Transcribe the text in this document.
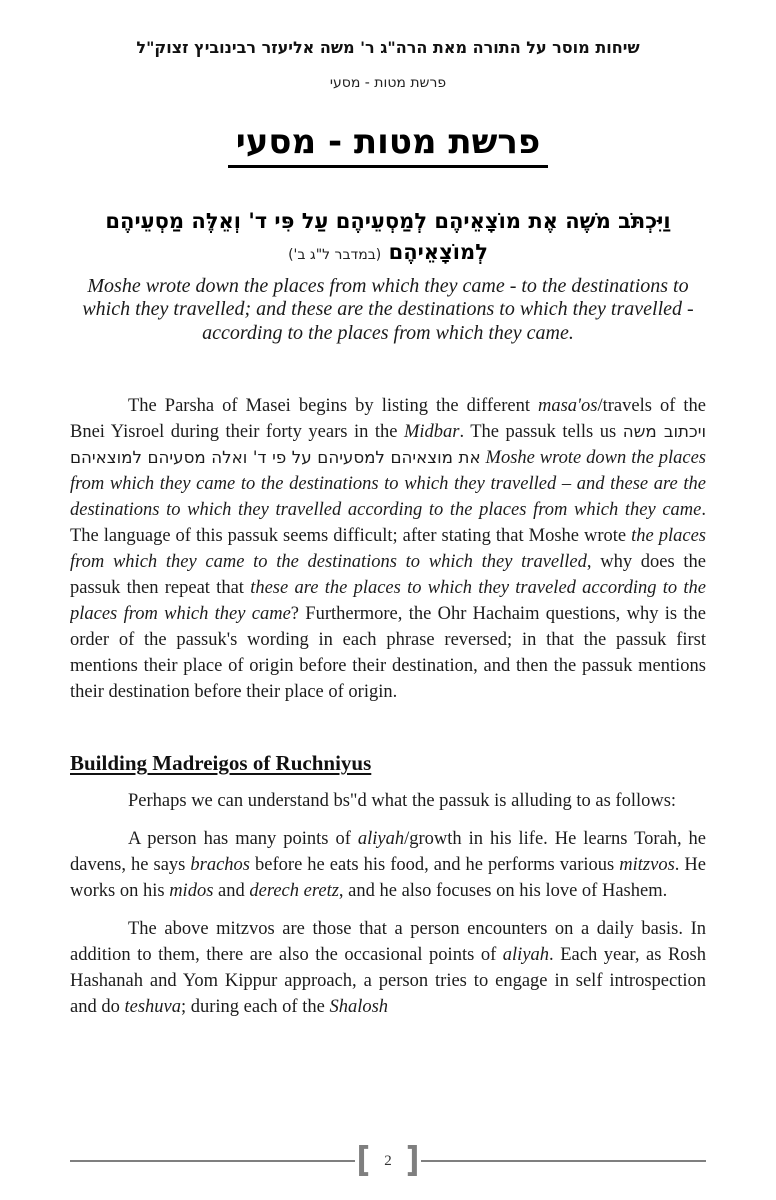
שיחות מוסר על התורה מאת הרה"ג ר' משה אליעזר רבינוביץ זצוק"ל
פרשת מטות - מסעי
פרשת מטות - מסעי
וַיִּכְתֹּב מֹשֶׁה אֶת מוֹצָאֵיהֶם לְמַסְעֵיהֶם עַל פִּי ד' וְאֵלֶּה מַסְעֵיהֶם
לְמוֹצָאֵיהֶם (במדבר ל"ג ב')
Moshe wrote down the places from which they came - to the destinations to which they travelled; and these are the destinations to which they travelled - according to the places from which they came.

The Parsha of Masei begins by listing the different masa'os/travels of the Bnei Yisroel during their forty years in the Midbar. The passuk tells us ויכתוב משה את מוצאיהם למסעיהם על פי ד' ואלה מסעיהם למוצאיהם Moshe wrote down the places from which they came to the destinations to which they travelled – and these are the destinations to which they travelled according to the places from which they came. The language of this passuk seems difficult; after stating that Moshe wrote the places from which they came to the destinations to which they travelled, why does the passuk then repeat that these are the places to which they traveled according to the places from which they came? Furthermore, the Ohr Hachaim questions, why is the order of the passuk's wording in each phrase reversed; in that the passuk first mentions their place of origin before their destination, and then the passuk mentions their destination before their place of origin.

Building Madreigos of Ruchniyus

Perhaps we can understand bs"d what the passuk is alluding to as follows:

A person has many points of aliyah/growth in his life. He learns Torah, he davens, he says brachos before he eats his food, and he performs various mitzvos. He works on his midos and derech eretz, and he also focuses on his love of Hashem.

The above mitzvos are those that a person encounters on a daily basis. In addition to them, there are also the occasional points of aliyah. Each year, as Rosh Hashanah and Yom Kippur approach, a person tries to engage in self introspection and do teshuva; during each of the Shalosh

[ 2 ]
